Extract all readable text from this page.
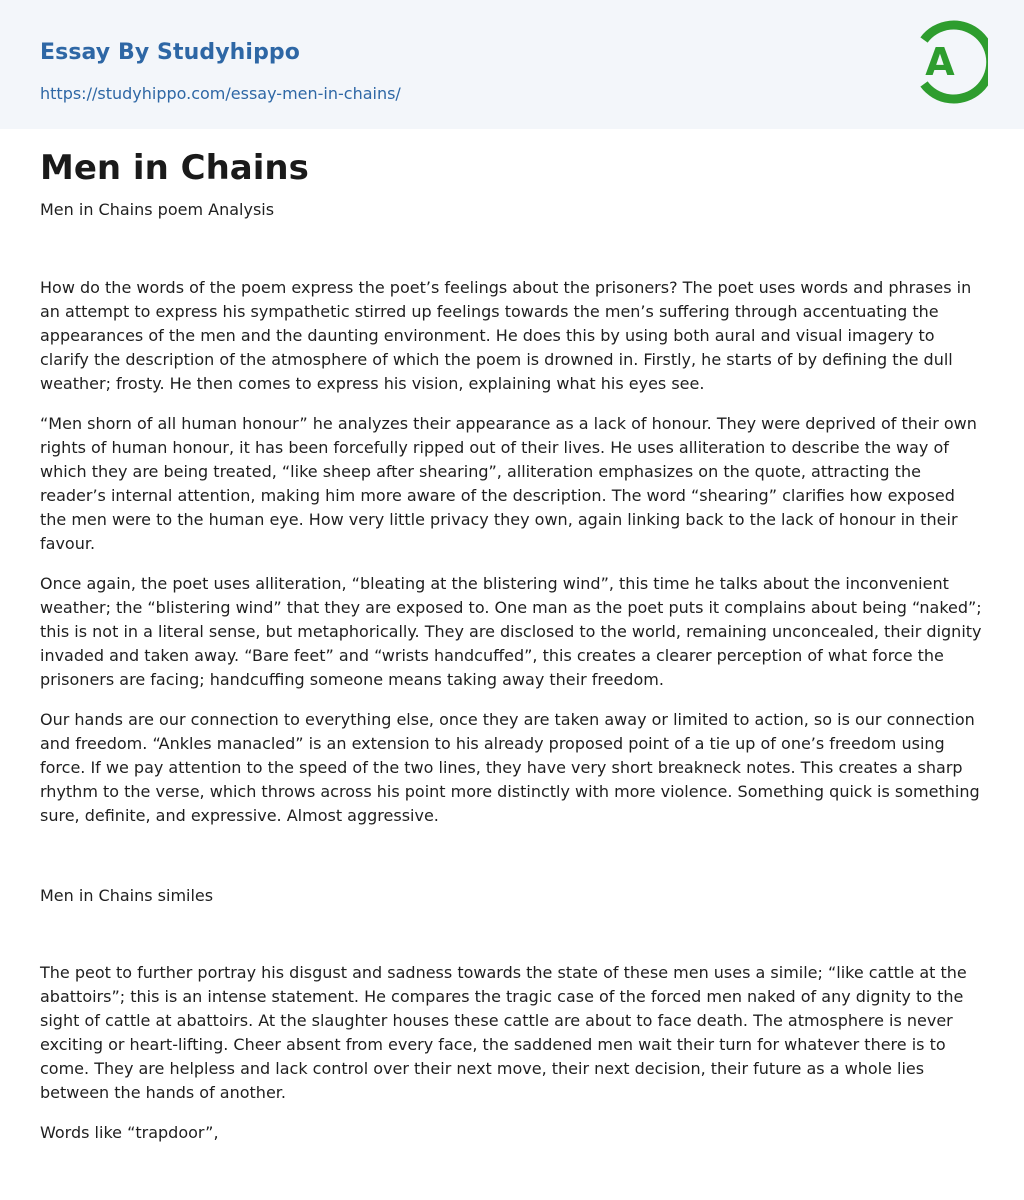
Essay By Studyhippo
https://studyhippo.com/essay-men-in-chains/
A
Men in Chains

Men in Chains poem Analysis

How do the words of the poem express the poet’s feelings about the prisoners? The poet uses words and phrases in an attempt to express his sympathetic stirred up feelings towards the men’s suffering through accentuating the appearances of the men and the daunting environment. He does this by using both aural and visual imagery to clarify the description of the atmosphere of which the poem is drowned in. Firstly, he starts of by defining the dull weather; frosty. He then comes to express his vision, explaining what his eyes see.

“Men shorn of all human honour” he analyzes their appearance as a lack of honour. They were deprived of their own rights of human honour, it has been forcefully ripped out of their lives. He uses alliteration to describe the way of which they are being treated, “like sheep after shearing”, alliteration emphasizes on the quote, attracting the reader’s internal attention, making him more aware of the description. The word “shearing” clarifies how exposed the men were to the human eye. How very little privacy they own, again linking back to the lack of honour in their favour.

Once again, the poet uses alliteration, “bleating at the blistering wind”, this time he talks about the inconvenient weather; the “blistering wind” that they are exposed to. One man as the poet puts it complains about being “naked”; this is not in a literal sense, but metaphorically. They are disclosed to the world, remaining unconcealed, their dignity invaded and taken away. “Bare feet” and “wrists handcuffed”, this creates a clearer perception of what force the prisoners are facing; handcuffing someone means taking away their freedom.

Our hands are our connection to everything else, once they are taken away or limited to action, so is our connection and freedom. “Ankles manacled” is an extension to his already proposed point of a tie up of one’s freedom using force. If we pay attention to the speed of the two lines, they have very short breakneck notes. This creates a sharp rhythm to the verse, which throws across his point more distinctly with more violence. Something quick is something sure, definite, and expressive. Almost aggressive.

Men in Chains similes

The peot to further portray his disgust and sadness towards the state of these men uses a simile; “like cattle at the abattoirs”; this is an intense statement. He compares the tragic case of the forced men naked of any dignity to the sight of cattle at abattoirs. At the slaughter houses these cattle are about to face death. The atmosphere is never exciting or heart-lifting. Cheer absent from every face, the saddened men wait their turn for whatever there is to come. They are helpless and lack control over their next move, their next decision, their future as a whole lies between the hands of another.

Words like “trapdoor”,
